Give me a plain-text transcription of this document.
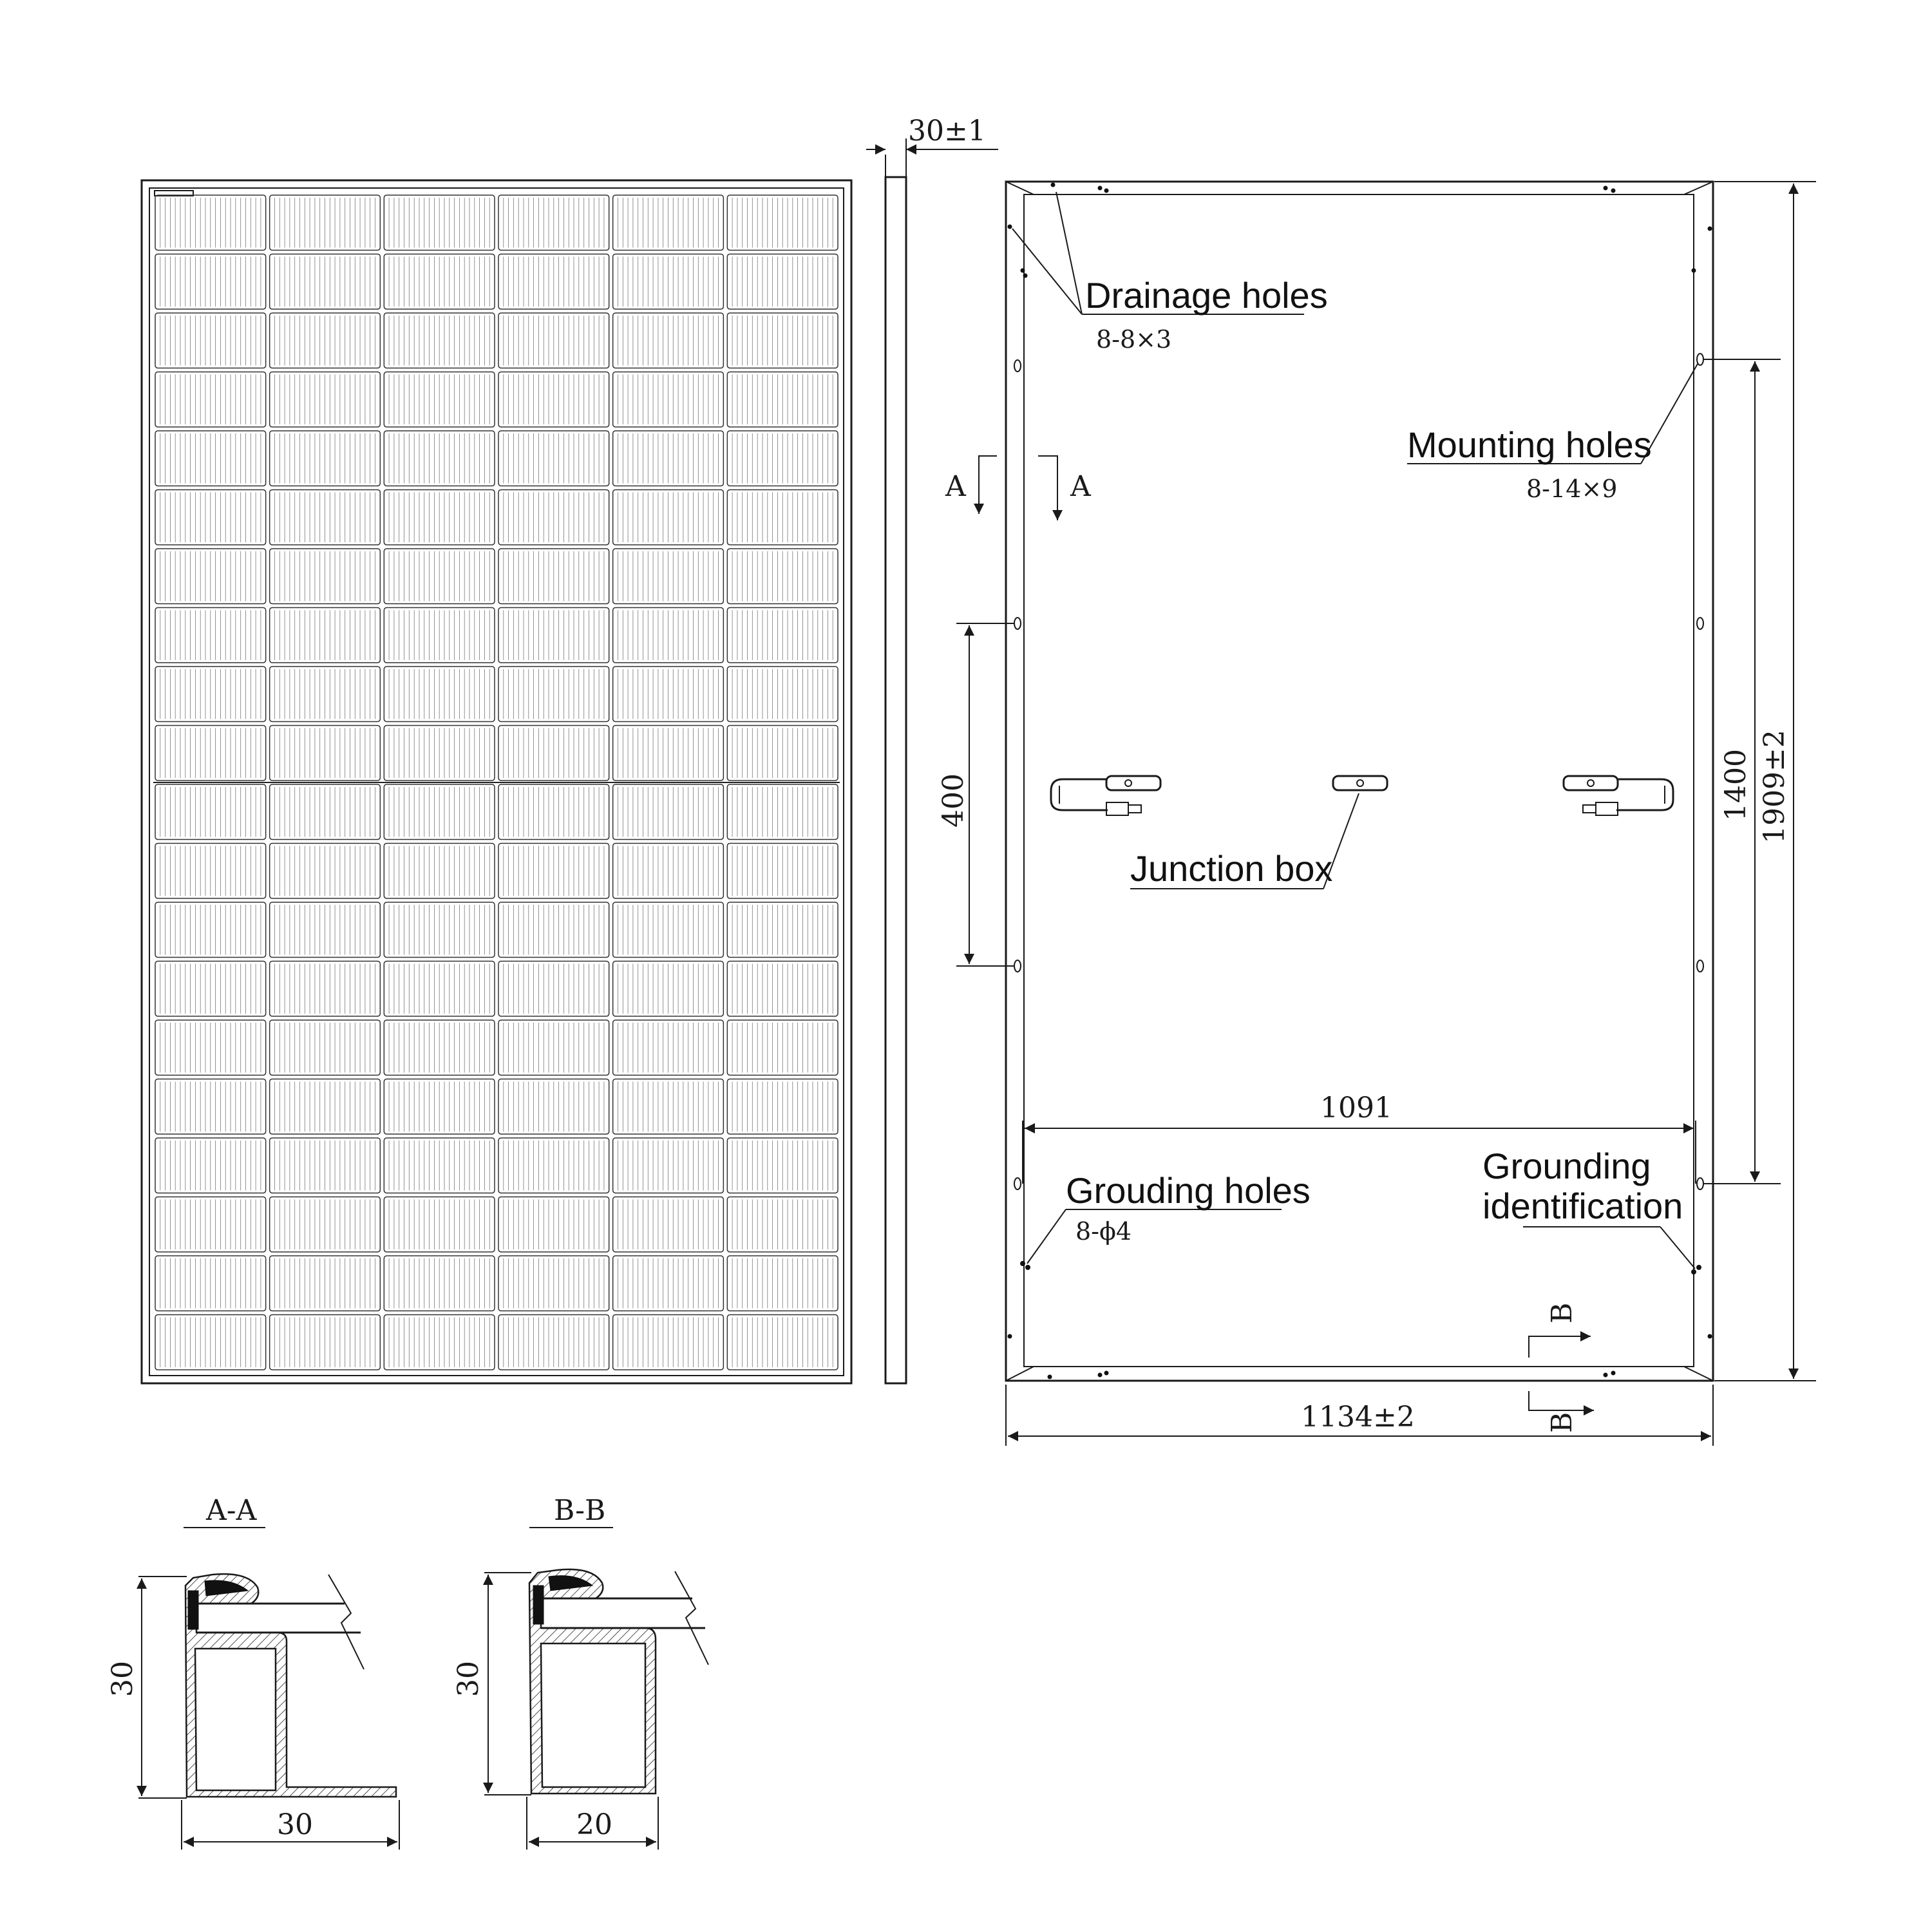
30±1
Drainage holes
8-8×3
Mounting holes
8-14×9
Junction box
Grouding holes
8-ϕ4
Grounding
identification
A	A
B
B
1134±2
1091
1909±2
1400
400
A-A
30
30
B-B
30
20
